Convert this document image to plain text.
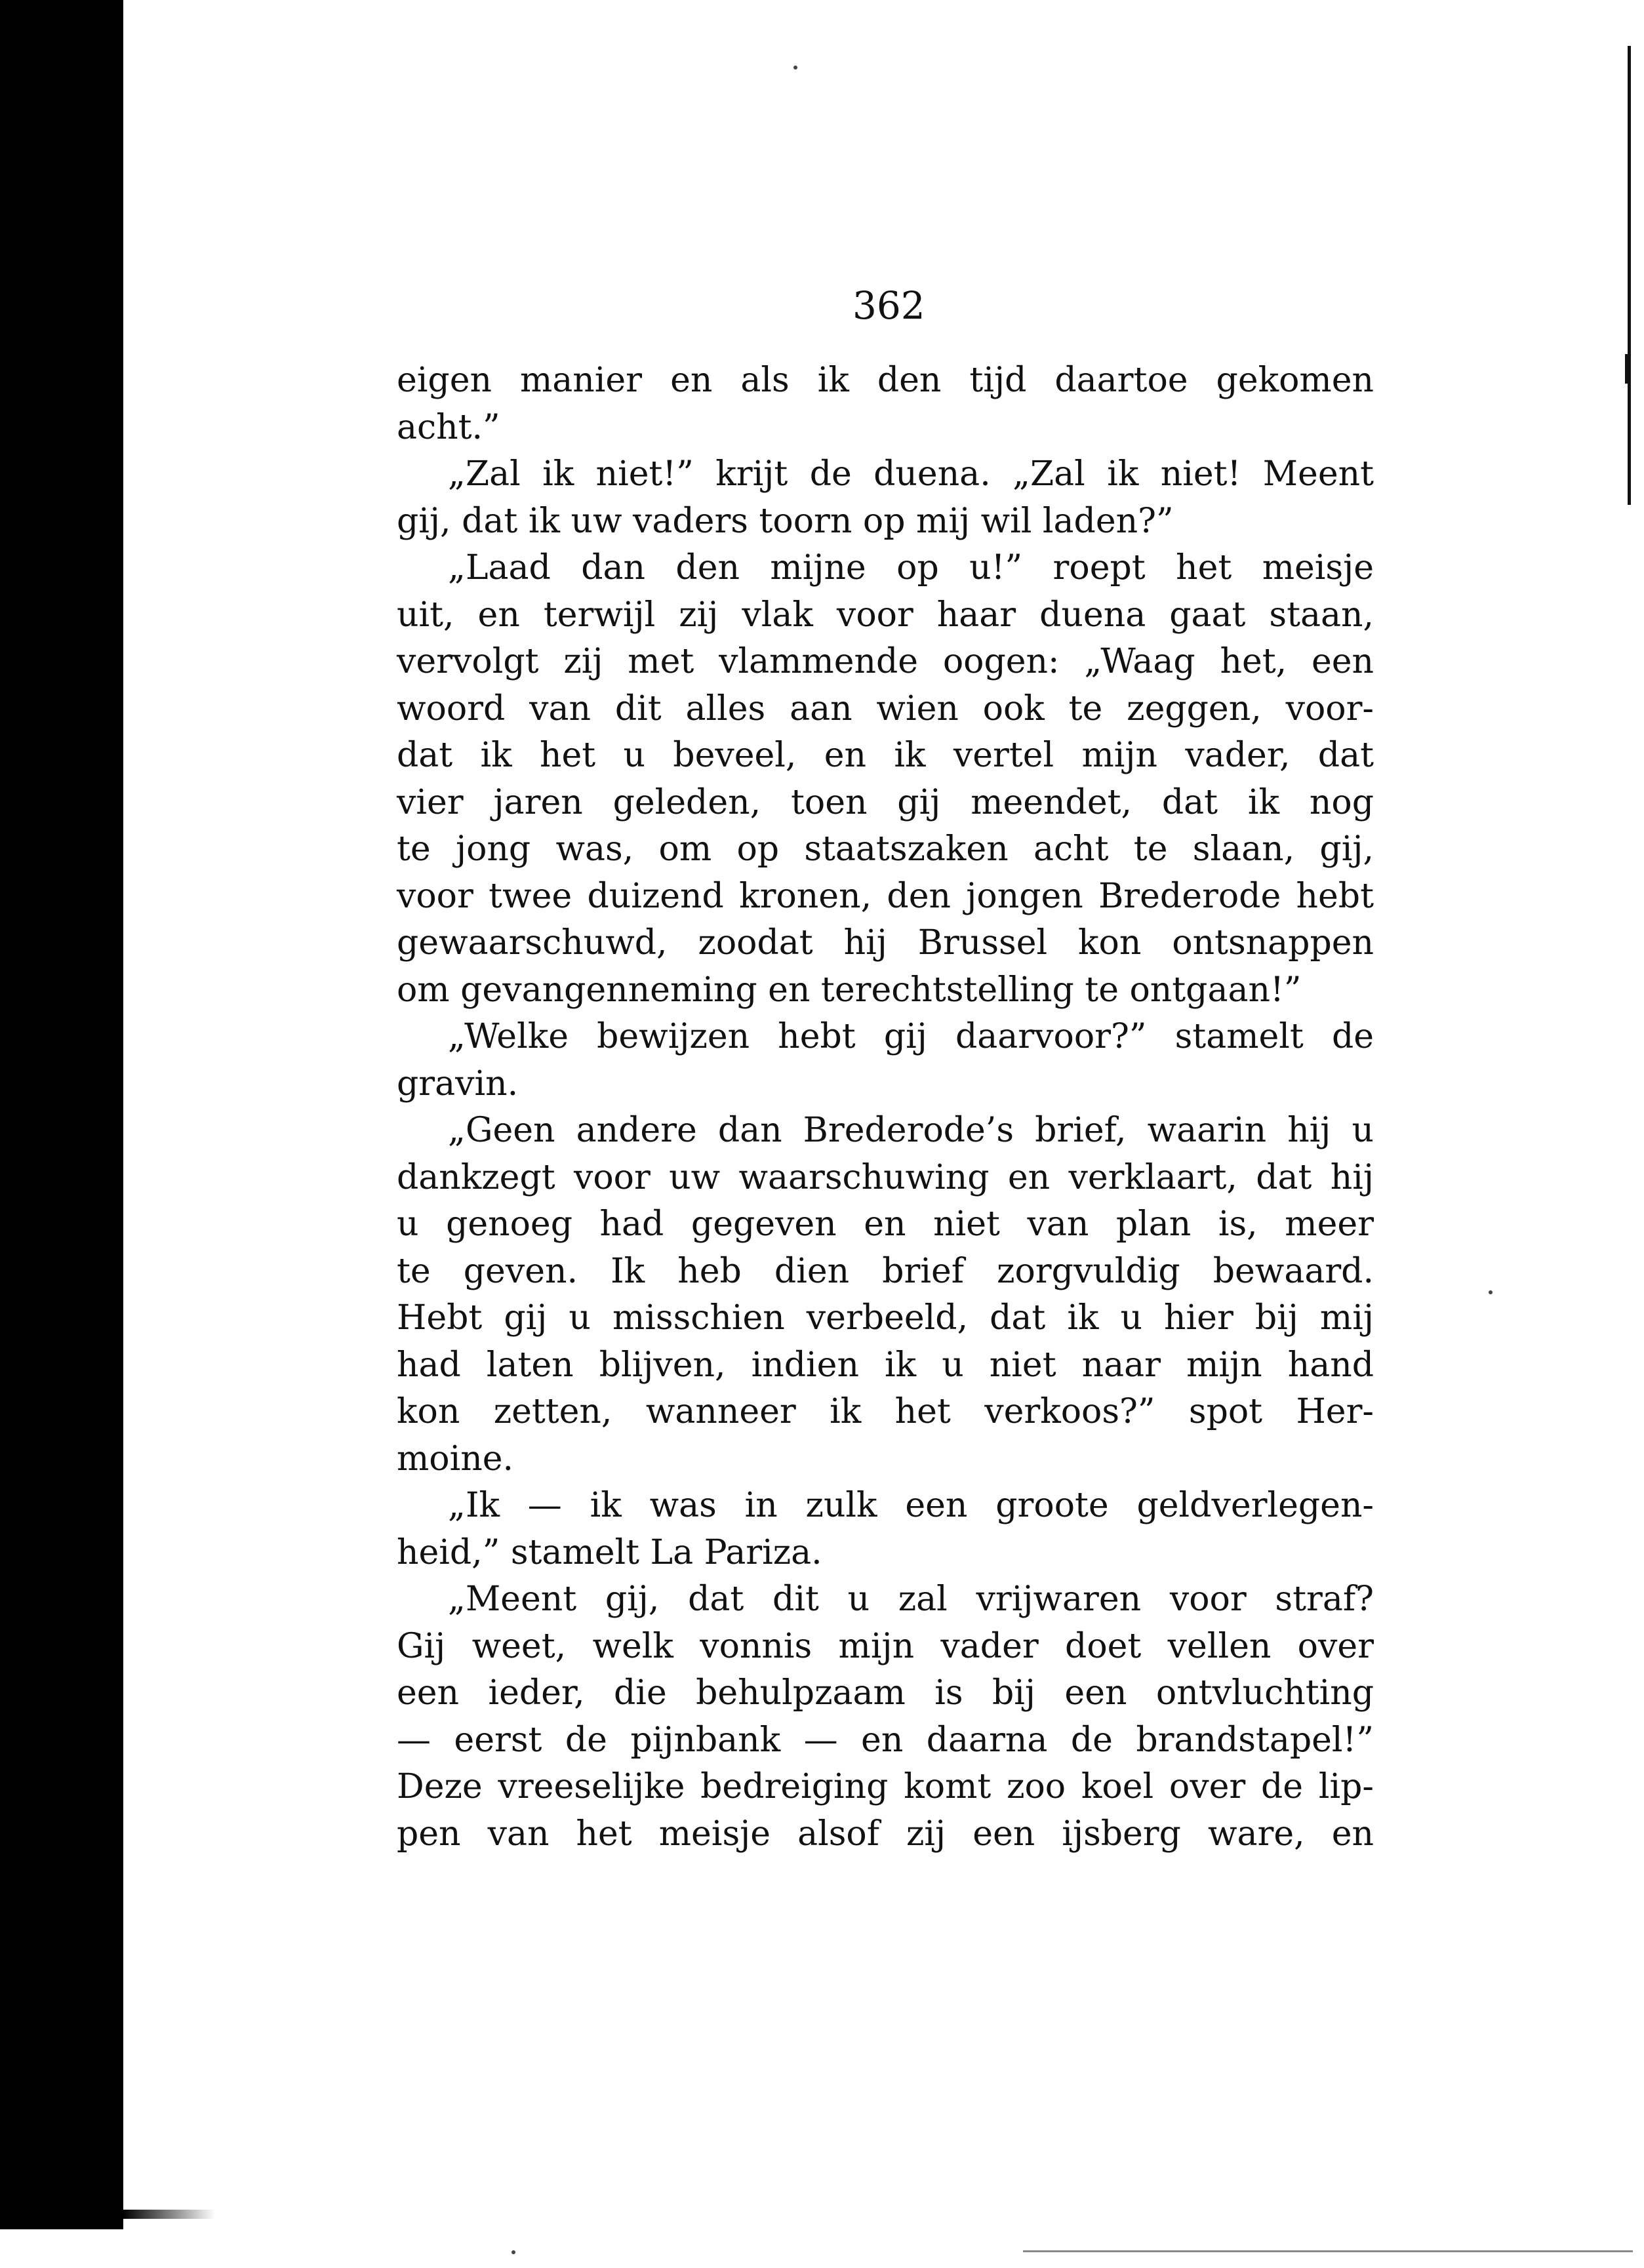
362

eigen manier en als ik den tijd daartoe gekomen
acht.”
„Zal ik niet!” krijt de duena. „Zal ik niet! Meent
gij, dat ik uw vaders toorn op mij wil laden?”
„Laad dan den mijne op u!” roept het meisje
uit, en terwijl zij vlak voor haar duena gaat staan,
vervolgt zij met vlammende oogen: „Waag het, een
woord van dit alles aan wien ook te zeggen, voor-
dat ik het u beveel, en ik vertel mijn vader, dat
vier jaren geleden, toen gij meendet, dat ik nog
te jong was, om op staatszaken acht te slaan, gij,
voor twee duizend kronen, den jongen Brederode hebt
gewaarschuwd, zoodat hij Brussel kon ontsnappen
om gevangenneming en terechtstelling te ontgaan!”
„Welke bewijzen hebt gij daarvoor?” stamelt de
gravin.
„Geen andere dan Brederode’s brief, waarin hij u
dankzegt voor uw waarschuwing en verklaart, dat hij
u genoeg had gegeven en niet van plan is, meer
te geven. Ik heb dien brief zorgvuldig bewaard.
Hebt gij u misschien verbeeld, dat ik u hier bij mij
had laten blijven, indien ik u niet naar mijn hand
kon zetten, wanneer ik het verkoos?” spot Her-
moine.
„Ik — ik was in zulk een groote geldverlegen-
heid,” stamelt La Pariza.
„Meent gij, dat dit u zal vrijwaren voor straf?
Gij weet, welk vonnis mijn vader doet vellen over
een ieder, die behulpzaam is bij een ontvluchting
— eerst de pijnbank — en daarna de brandstapel!”
Deze vreeselijke bedreiging komt zoo koel over de lip-
pen van het meisje alsof zij een ijsberg ware, en
